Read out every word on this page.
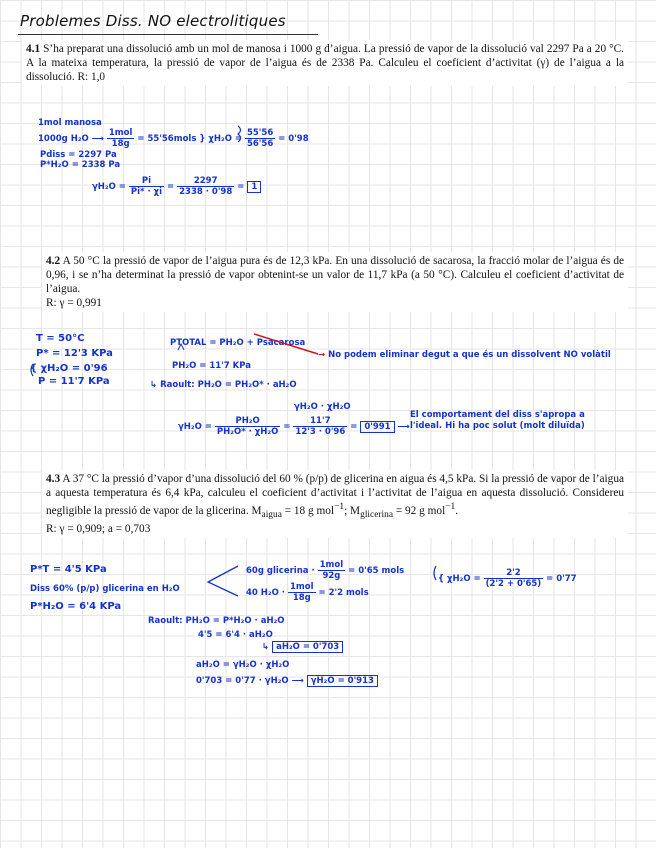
Problemes Diss. NO electrolitiques
4.1 S’ha preparat una dissolució amb un mol de manosa i 1000 g d’aigua. La pressió de vapor de la dissolució val 2297 Pa a 20 °C. A la mateixa temperatura, la pressió de vapor de l’aigua és de 2338 Pa. Calculeu el coeficient d’activitat (γ) de l’aigua a la dissolució. R: 1,0
4.2 A 50 °C la pressió de vapor de l’aigua pura és de 12,3 kPa. En una dissolució de sacarosa, la fracció molar de l’aigua és de 0,96, i se n’ha determinat la pressió de vapor obtenint-se un valor de 11,7 kPa (a 50 °C). Calculeu el coeficient d’activitat de l’aigua.
R: γ = 0,991
4.3 A 37 °C la pressió d’vapor d’una dissolució del 60 % (p/p) de glicerina en aigua és 4,5 kPa. Si la pressió de vapor de l’aigua a aquesta temperatura és 6,4 kPa, calculeu el coeficient d’activitat i l’activitat de l’aigua en aquesta dissolució. Considereu negligible la pressió de vapor de la glicerina. $M_{aigua} = 18$ g mol$^{-1}$; $M_{glicerina} = 92$ g mol$^{-1}$.
R: γ = 0,909; a = 0,703
1mol manosa
1000g H₂O ⟶ $\frac{\text{1mol}}{18g}$ = 55'56mols } $\chi H_2O = \frac{55'56}{56'56} = 0'98$
Pdiss = 2297 Pa
P*H₂O = 2338 Pa
$\gamma H_2O = \frac{Pi}{Pi* \cdot \chi i} = \frac{2297}{2338 \cdot 0'98} = 1$
T = 50°C
P* = 12'3 KPa
{ χH₂O = 0'96
P = 11'7 KPa
PTOTAL = PH₂O + Psacarosa
→ No podem eliminar degut a que és un dissolvent NO volàtil
PH₂O = 11'7 KPa
↳ Raoult: PH₂O = PH₂O* · aH₂O
γH₂O · χH₂O
$\gamma H_2O = \frac{\text{PH₂O}}{\text{PH₂O* · χH₂O}} = \frac{11'7}{12'3 \cdot 0'96} = 0'991$ ⟶
El comportament del diss s'apropa a
l'ideal. Hi ha poc solut (molt diluïda)
P*T = 4'5 KPa
Diss 60% (p/p) glicerina en H₂O
P*H₂O = 6'4 KPa
60g glicerina · $\frac{\text{1mol}}{92g} = 0'65$ mols
40 $H_2O \cdot \frac{\text{1mol}}{18g} = 2'2$ mols
{ $\chi H_2O = \frac{2'2}{(2'2 + 0'65)} = 0'77$
Raoult: PH₂O = P*H₂O · aH₂O
4'5 = 6'4 · aH₂O
↳ aH₂O = 0'703
aH₂O = γH₂O · χH₂O
0'703 = 0'77 · γH₂O ⟶ γH₂O = 0'913
